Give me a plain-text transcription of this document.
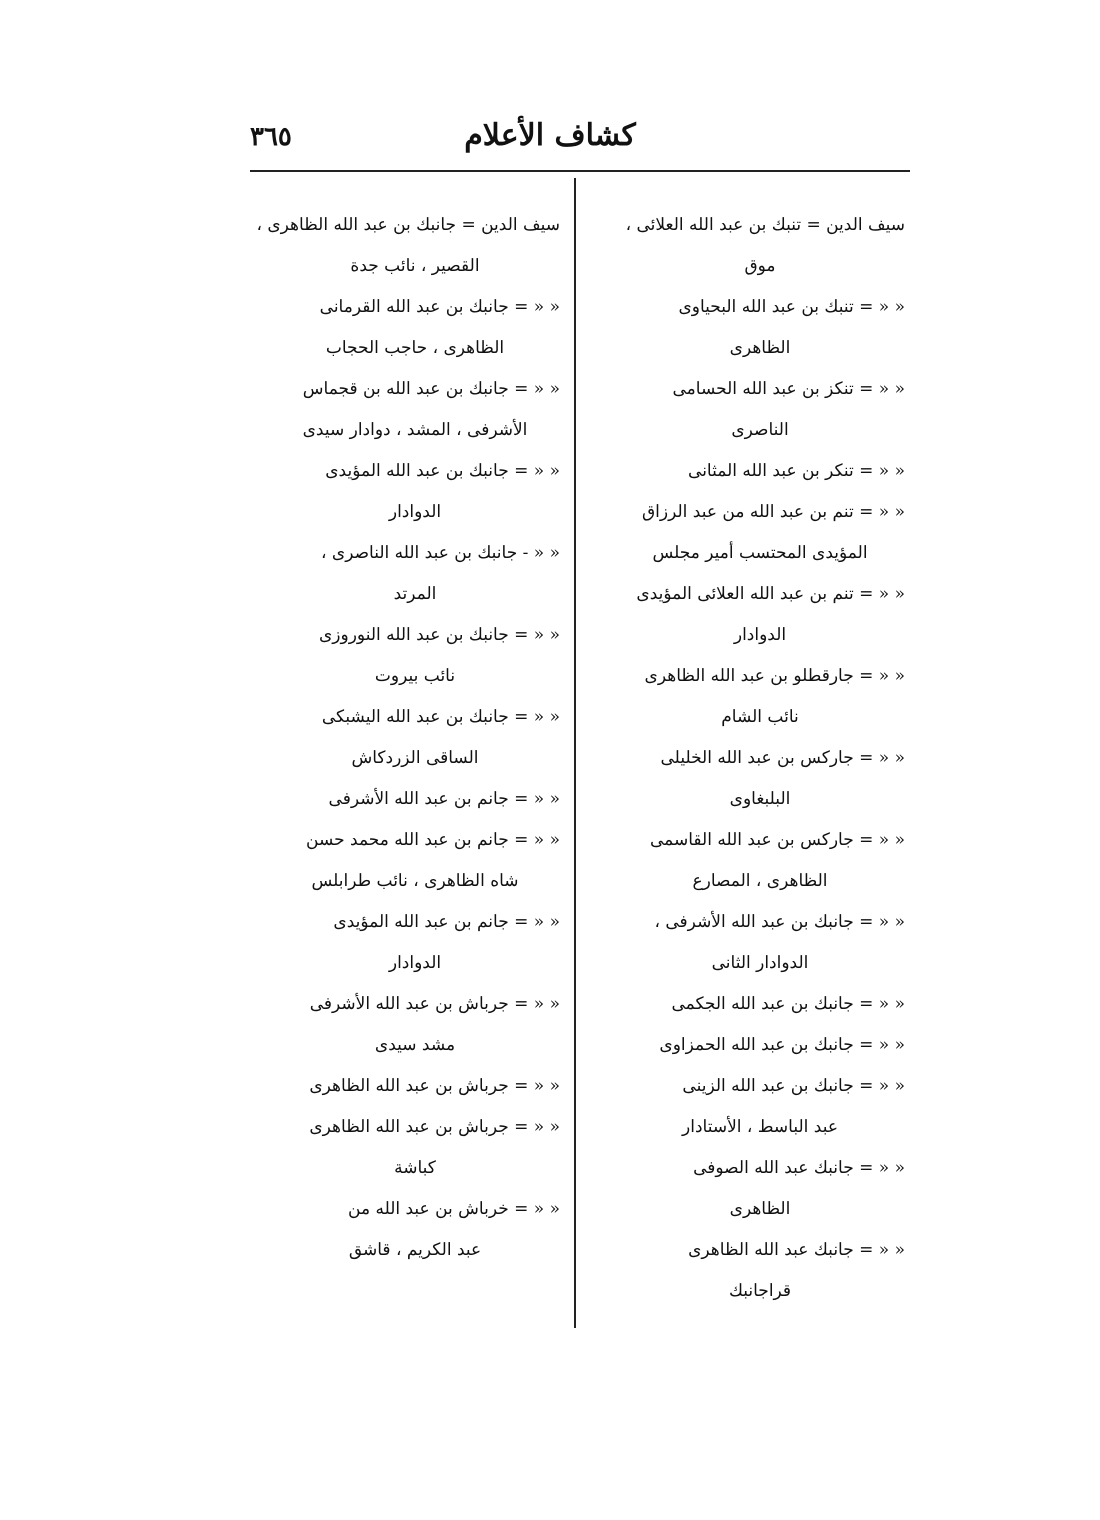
كشاف الأعلام
٣٦٥
سيف الدين = تنبك بن عبد الله العلائى ،
موق
« « = تنبك بن عبد الله البحياوى
الظاهرى
« « = تنكز بن عبد الله الحسامى
الناصرى
« « = تنكر بن عبد الله المثانى
« « = تنم بن عبد الله من عبد الرزاق
المؤيدى المحتسب أمير مجلس
« « = تنم بن عبد الله العلائى المؤيدى
الدوادار
« « = جارقطلو بن عبد الله الظاهرى
نائب الشام
« « = جاركس بن عبد الله الخليلى
البلبغاوى
« « = جاركس بن عبد الله القاسمى
الظاهرى ، المصارع
« « = جانبك بن عبد الله الأشرفى ،
الدوادار الثانى
« « = جانبك بن عبد الله الجكمى
« « = جانبك بن عبد الله الحمزاوى
« « = جانبك بن عبد الله الزينى
عبد الباسط ، الأستادار
« « = جانبك عبد الله الصوفى
الظاهرى
« « = جانبك عبد الله الظاهرى
قراجانبك
سيف الدين = جانبك بن عبد الله الظاهرى ،
القصير ، نائب جدة
« « = جانبك بن عبد الله القرمانى
الظاهرى ، حاجب الحجاب
« « = جانبك بن عبد الله بن قجماس
الأشرفى ، المشد ، دوادار سيدى
« « = جانبك بن عبد الله المؤيدى
الدوادار
« « - جانبك بن عبد الله الناصرى ،
المرتد
« « = جانبك بن عبد الله النوروزى
نائب بيروت
« « = جانبك بن عبد الله اليشبكى
الساقى الزردكاش
« « = جانم بن عبد الله الأشرفى
« « = جانم بن عبد الله محمد حسن
شاه الظاهرى ، نائب طرابلس
« « = جانم بن عبد الله المؤيدى
الدوادار
« « = جرباش بن عبد الله الأشرفى
مشد سيدى
« « = جرباش بن عبد الله الظاهرى
« « = جرباش بن عبد الله الظاهرى
كباشة
« « = خرباش بن عبد الله من
عبد الكريم ، قاشق
